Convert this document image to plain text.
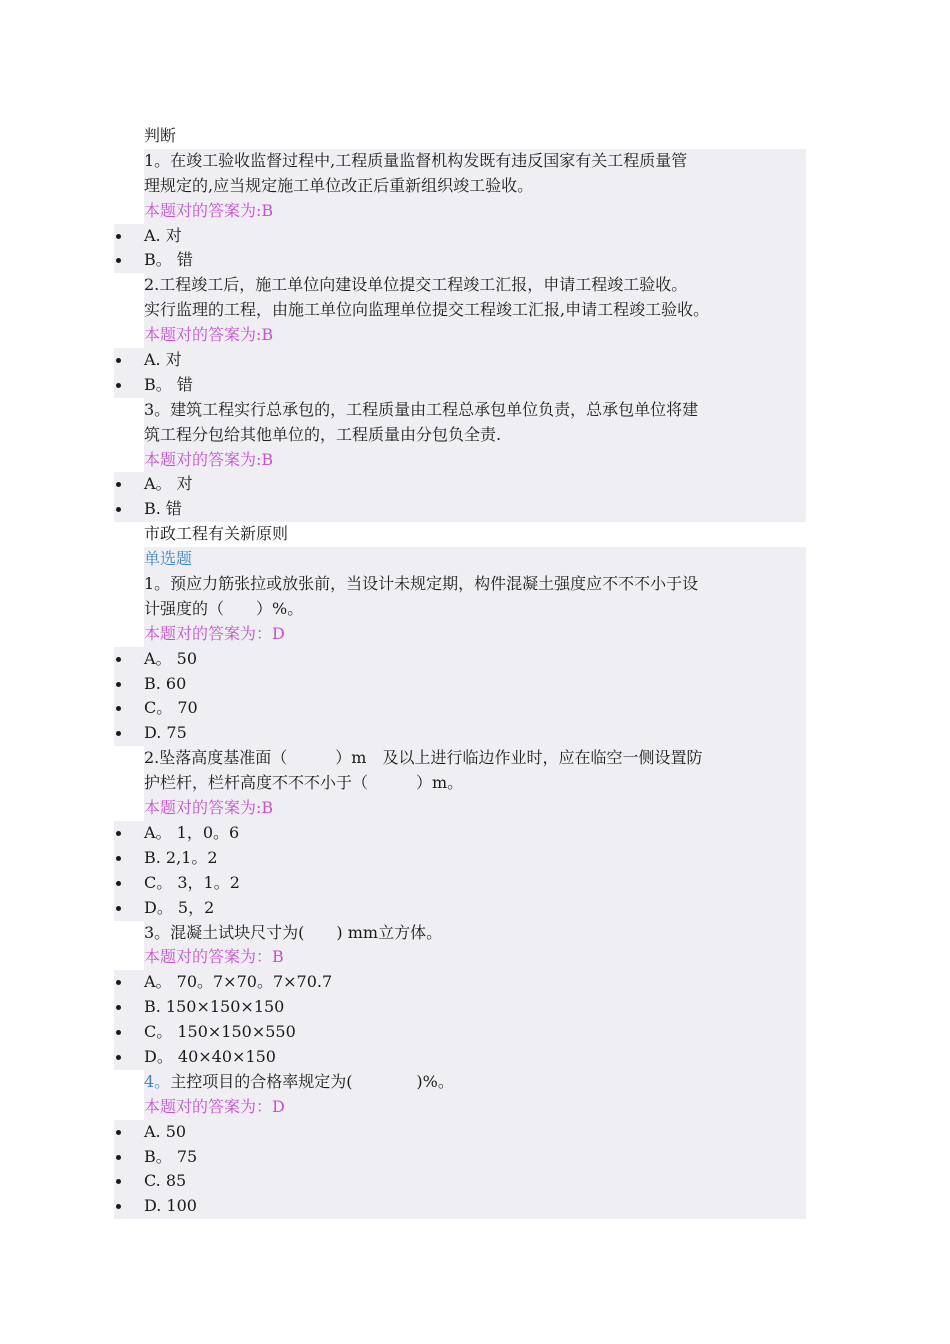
判断
1。在竣工验收监督过程中,工程质量监督机构发既有违反国家有关工程质量管
理规定的,应当规定施工单位改正后重新组织竣工验收。
本题对的答案为:B
A. 对
B。 错
2.工程竣工后，施工单位向建设单位提交工程竣工汇报，申请工程竣工验收。
实行监理的工程，由施工单位向监理单位提交工程竣工汇报,申请工程竣工验收。
本题对的答案为:B
A. 对
B。 错
3。建筑工程实行总承包的，工程质量由工程总承包单位负责，总承包单位将建
筑工程分包给其他单位的，工程质量由分包负全责.
本题对的答案为:B
A。 对
B. 错
市政工程有关新原则
单选题
1。预应力筋张拉或放张前，当设计未规定期，构件混凝土强度应不不不小于设
计强度的（　　）%。
本题对的答案为：D
A。 50
B. 60
C。 70
D. 75
2.坠落高度基准面（　　　）m　及以上进行临边作业时，应在临空一侧设置防
护栏杆，栏杆高度不不不小于（　　　）m。
本题对的答案为:B
A。 1，0。6
B. 2,1。2
C。 3，1。2
D。 5，2
3。混凝土试块尺寸为(　　) mm立方体。
本题对的答案为：B
A。 70。7×70。7×70.7
B. 150×150×150
C。 150×150×550
D。 40×40×150
4。主控项目的合格率规定为(　　　　)%。
本题对的答案为：D
A. 50
B。 75
C. 85
D. 100
